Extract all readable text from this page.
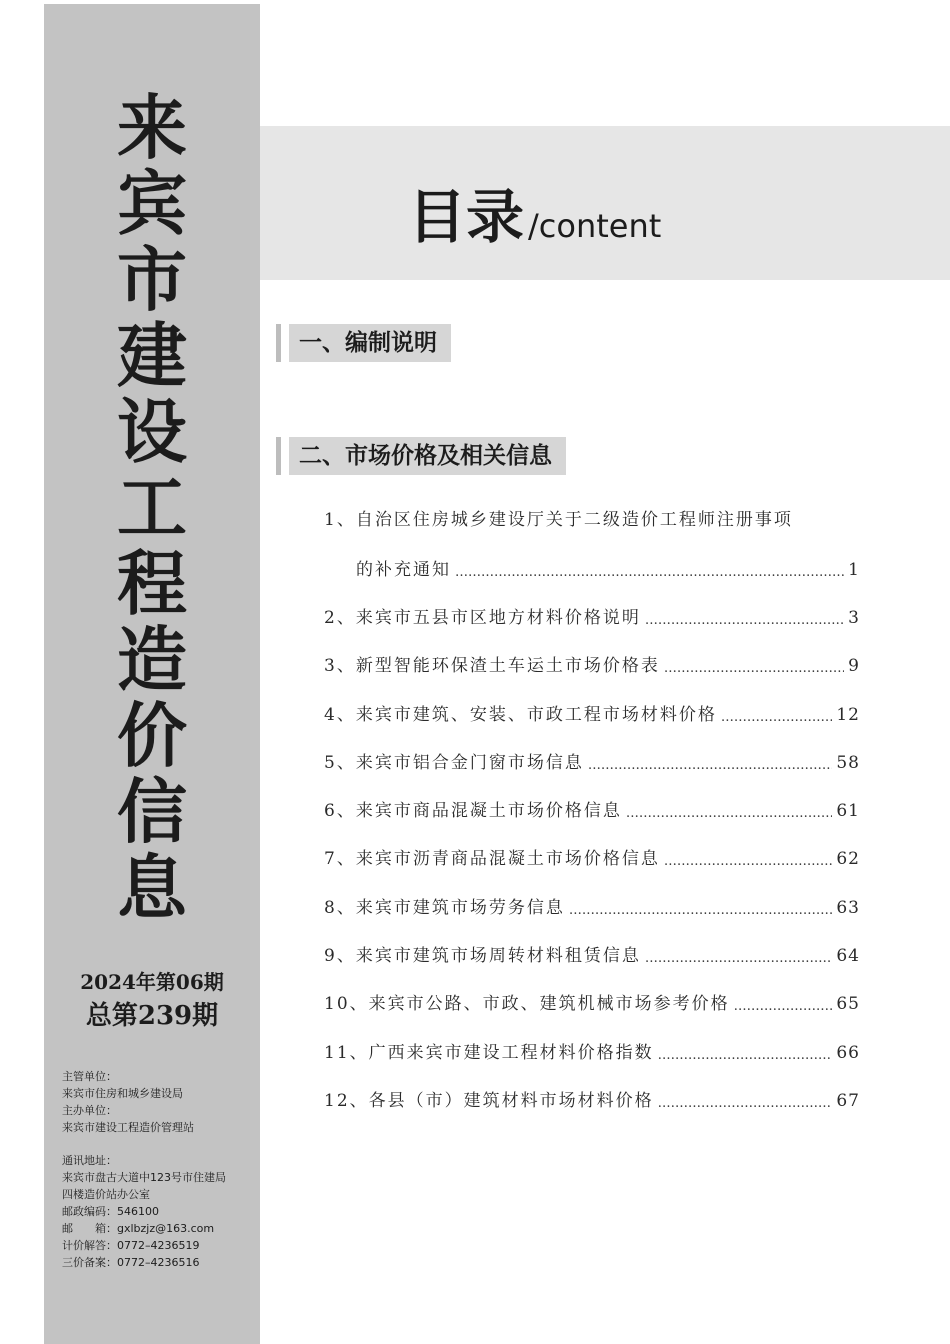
来
宾
市
建
设
工
程
造
价
信
息
2024年第06期
总第239期
主管单位：
来宾市住房和城乡建设局
主办单位：
来宾市建设工程造价管理站
通讯地址：
来宾市盘古大道中123号市住建局
四楼造价站办公室
邮政编码：546100
邮　　箱：gxlbzjz@163.com
计价解答：0772–4236519
三价备案：0772–4236516
目录 /content
一、编制说明
二、市场价格及相关信息
1、自治区住房城乡建设厅关于二级造价工程师注册事项
的补充通知 …………………………………………………………………………………………………………………………	1
2、来宾市五县市区地方材料价格说明 …………………………………………………………………………………………………………………………	3
3、新型智能环保渣土车运土市场价格表 …………………………………………………………………………………………………………………………	9
4、来宾市建筑、安装、市政工程市场材料价格 …………………………………………………………………………………………………………………………	12
5、来宾市铝合金门窗市场信息 …………………………………………………………………………………………………………………………	58
6、来宾市商品混凝土市场价格信息 …………………………………………………………………………………………………………………………	61
7、来宾市沥青商品混凝土市场价格信息 …………………………………………………………………………………………………………………………	62
8、来宾市建筑市场劳务信息 …………………………………………………………………………………………………………………………	63
9、来宾市建筑市场周转材料租赁信息 …………………………………………………………………………………………………………………………	64
10、来宾市公路、市政、建筑机械市场参考价格 …………………………………………………………………………………………………………………………	65
11、广西来宾市建设工程材料价格指数 …………………………………………………………………………………………………………………………	66
12、各县（市）建筑材料市场材料价格 …………………………………………………………………………………………………………………………	67
